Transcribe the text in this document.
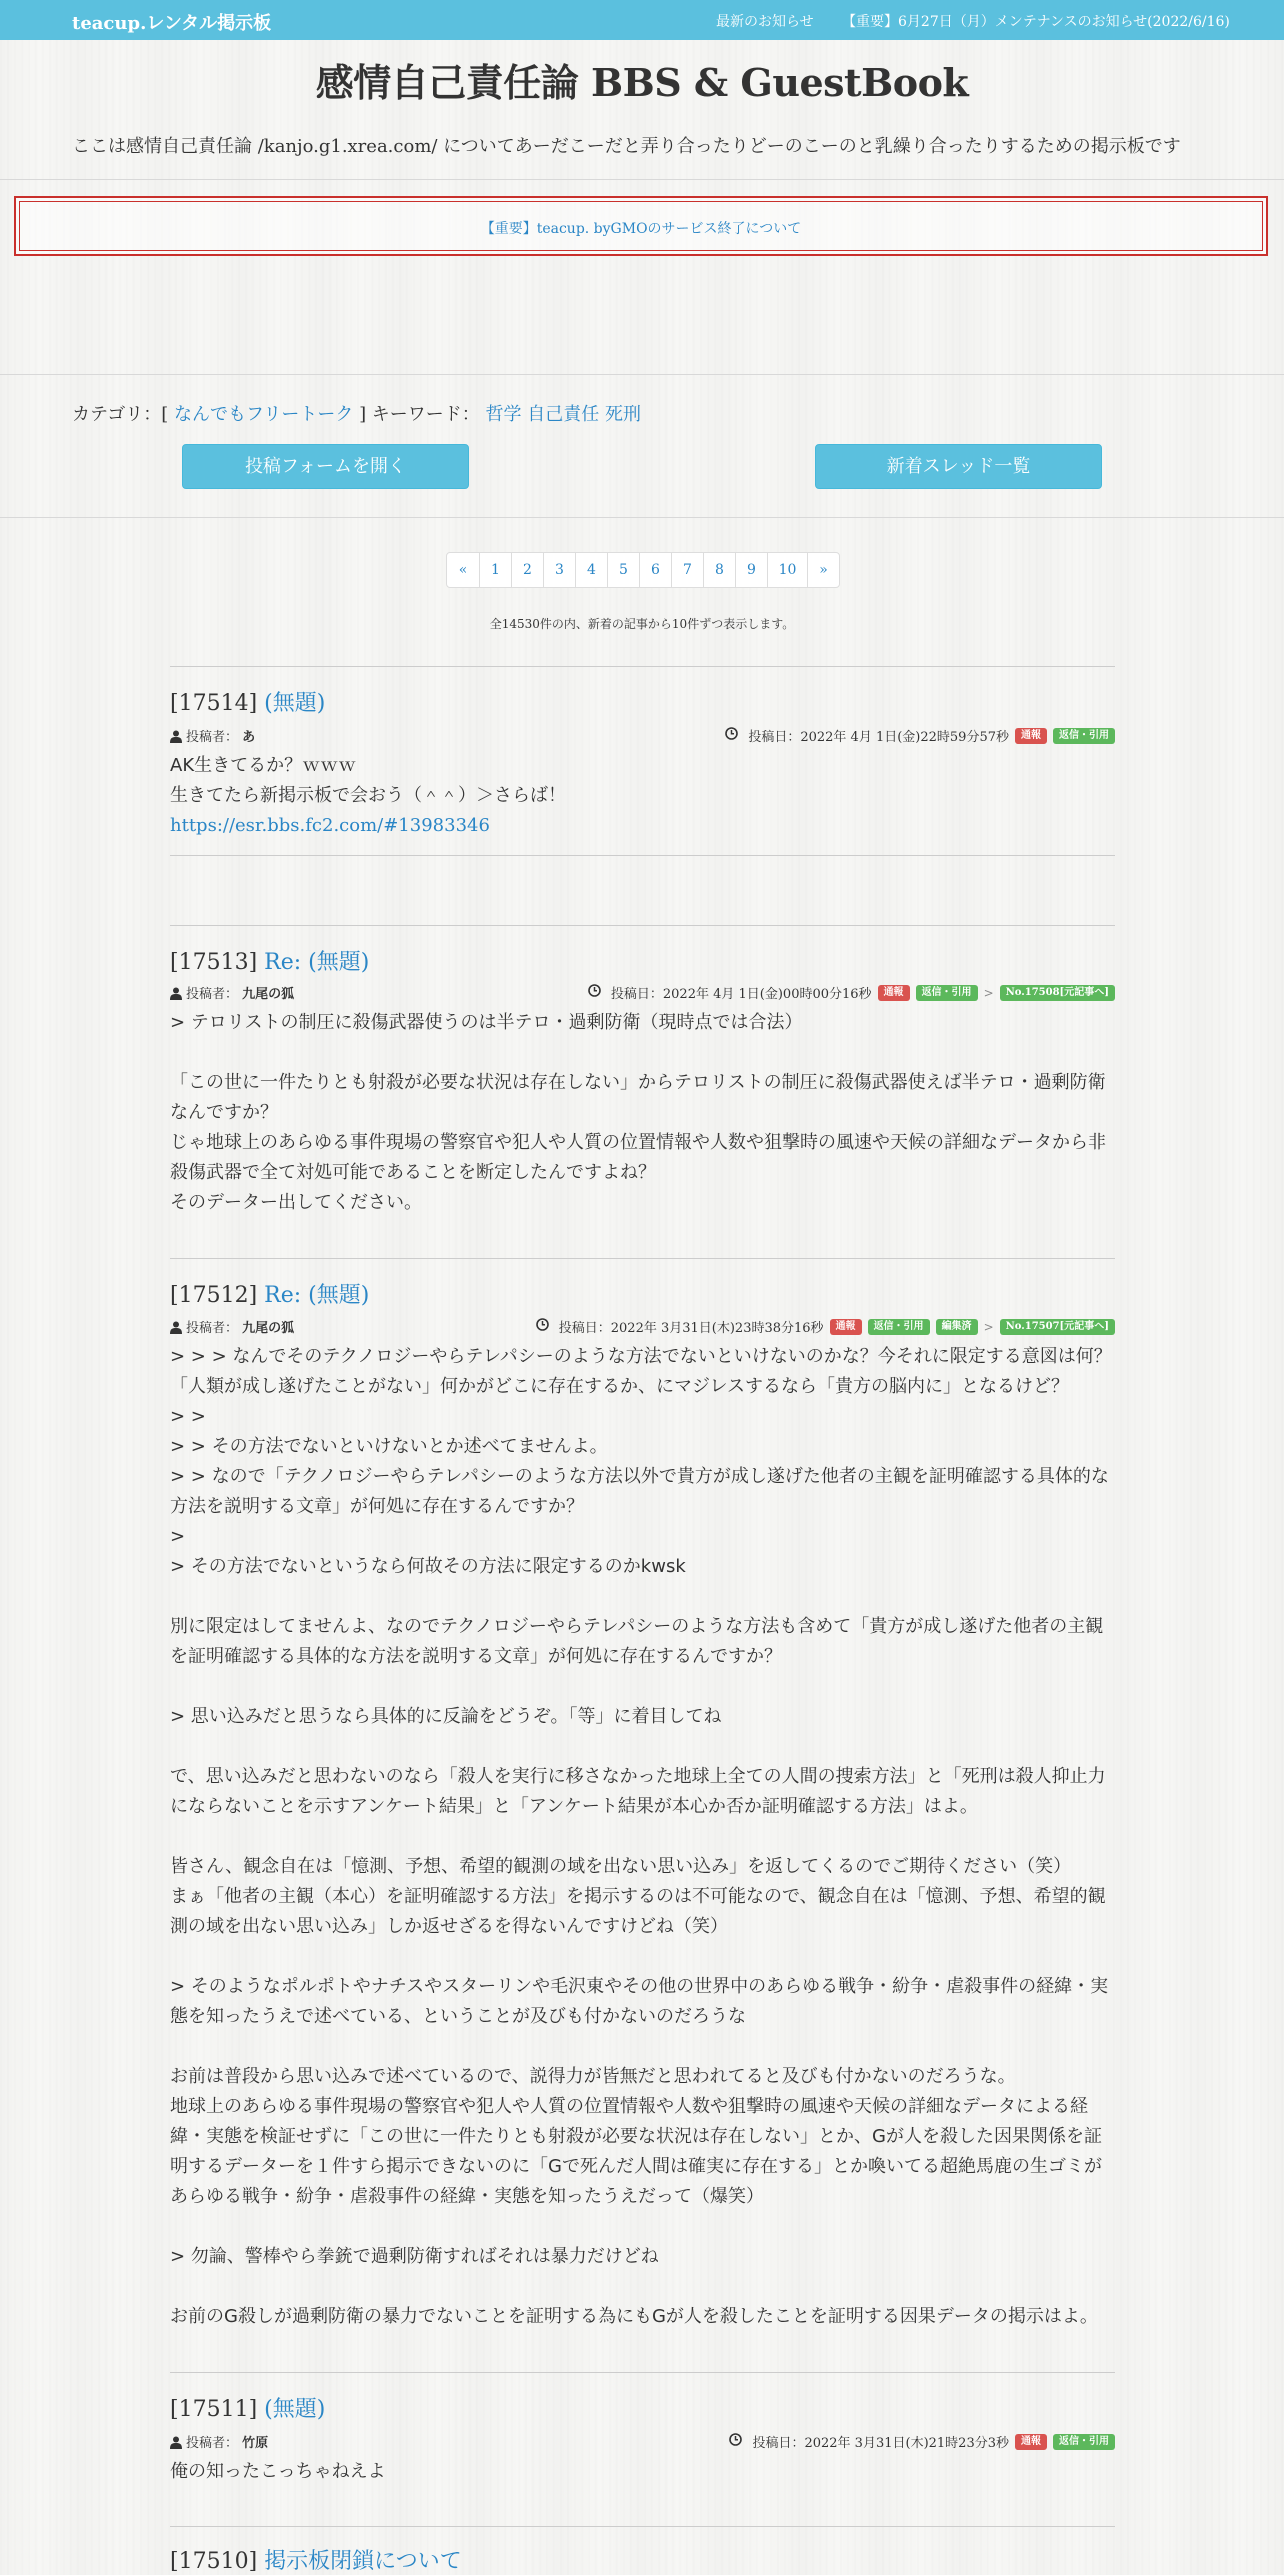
teacup.レンタル掲示板	最新のお知らせ 【重要】6月27日（月）メンテナンスのお知らせ(2022/6/16)
感情自己責任論 BBS & GuestBook
ここは感情自己責任論 /kanjo.g1.xrea.com/ についてあーだこーだと弄り合ったりどーのこーのと乳繰り合ったりするための掲示板です
【重要】teacup. byGMOのサービス終了について
カテゴリ：[ なんでもフリートーク ] キーワード： 哲学 自己責任 死刑
投稿フォームを開く	新着スレッド一覧
«	1	2	3	4	5	6	7	8	9	10	»
全14530件の内、新着の記事から10件ずつ表示します。
[17514] (無題)
投稿者： あ	投稿日：2022年 4月 1日(金)22時59分57秒	通報	返信・引用
AK生きてるか？ｗｗｗ
生きてたら新掲示板で会おう（＾＾）＞さらば！
https://esr.bbs.fc2.com/#13983346
[17513] Re: (無題)
投稿者： 九尾の狐	投稿日：2022年 4月 1日(金)00時00分16秒	通報	返信・引用	>	No.17508[元記事へ]
> テロリストの制圧に殺傷武器使うのは半テロ・過剰防衛（現時点では合法）

「この世に一件たりとも射殺が必要な状況は存在しない」からテロリストの制圧に殺傷武器使えば半テロ・過剰防衛なんですか？
じゃ地球上のあらゆる事件現場の警察官や犯人や人質の位置情報や人数や狙撃時の風速や天候の詳細なデータから非殺傷武器で全て対処可能であることを断定したんですよね？
そのデーター出してください。
[17512] Re: (無題)
投稿者： 九尾の狐	投稿日：2022年 3月31日(木)23時38分16秒	通報	返信・引用	編集済	>	No.17507[元記事へ]
> > > なんでそのテクノロジーやらテレパシーのような方法でないといけないのかな？今それに限定する意図は何？
「人類が成し遂げたことがない」何かがどこに存在するか、にマジレスするなら「貴方の脳内に」となるけど？
> >
> > その方法でないといけないとか述べてませんよ。
> > なので「テクノロジーやらテレパシーのような方法以外で貴方が成し遂げた他者の主観を証明確認する具体的な方法を説明する文章」が何処に存在するんですか？
>
> その方法でないというなら何故その方法に限定するのかkwsk

別に限定はしてませんよ、なのでテクノロジーやらテレパシーのような方法も含めて「貴方が成し遂げた他者の主観を証明確認する具体的な方法を説明する文章」が何処に存在するんですか？

> 思い込みだと思うなら具体的に反論をどうぞ。「等」に着目してね

で、思い込みだと思わないのなら「殺人を実行に移さなかった地球上全ての人間の捜索方法」と「死刑は殺人抑止力にならないことを示すアンケート結果」と「アンケート結果が本心か否か証明確認する方法」はよ。

皆さん、観念自在は「憶測、予想、希望的観測の域を出ない思い込み」を返してくるのでご期待ください（笑）
まぁ「他者の主観（本心）を証明確認する方法」を掲示するのは不可能なので、観念自在は「憶測、予想、希望的観測の域を出ない思い込み」しか返せざるを得ないんですけどね（笑）

> そのようなポルポトやナチスやスターリンや毛沢東やその他の世界中のあらゆる戦争・紛争・虐殺事件の経緯・実態を知ったうえで述べている、ということが及びも付かないのだろうな

お前は普段から思い込みで述べているので、説得力が皆無だと思われてると及びも付かないのだろうな。
地球上のあらゆる事件現場の警察官や犯人や人質の位置情報や人数や狙撃時の風速や天候の詳細なデータによる経緯・実態を検証せずに「この世に一件たりとも射殺が必要な状況は存在しない」とか、Gが人を殺した因果関係を証明するデーターを１件すら掲示できないのに「Gで死んだ人間は確実に存在する」とか喚いてる超絶馬鹿の生ゴミがあらゆる戦争・紛争・虐殺事件の経緯・実態を知ったうえだって（爆笑）

> 勿論、警棒やら拳銃で過剰防衛すればそれは暴力だけどね

お前のG殺しが過剰防衛の暴力でないことを証明する為にもGが人を殺したことを証明する因果データの掲示はよ。
[17511] (無題)
投稿者： 竹原	投稿日：2022年 3月31日(木)21時23分3秒	通報	返信・引用
俺の知ったこっちゃねえよ
[17510] 掲示板閉鎖について
